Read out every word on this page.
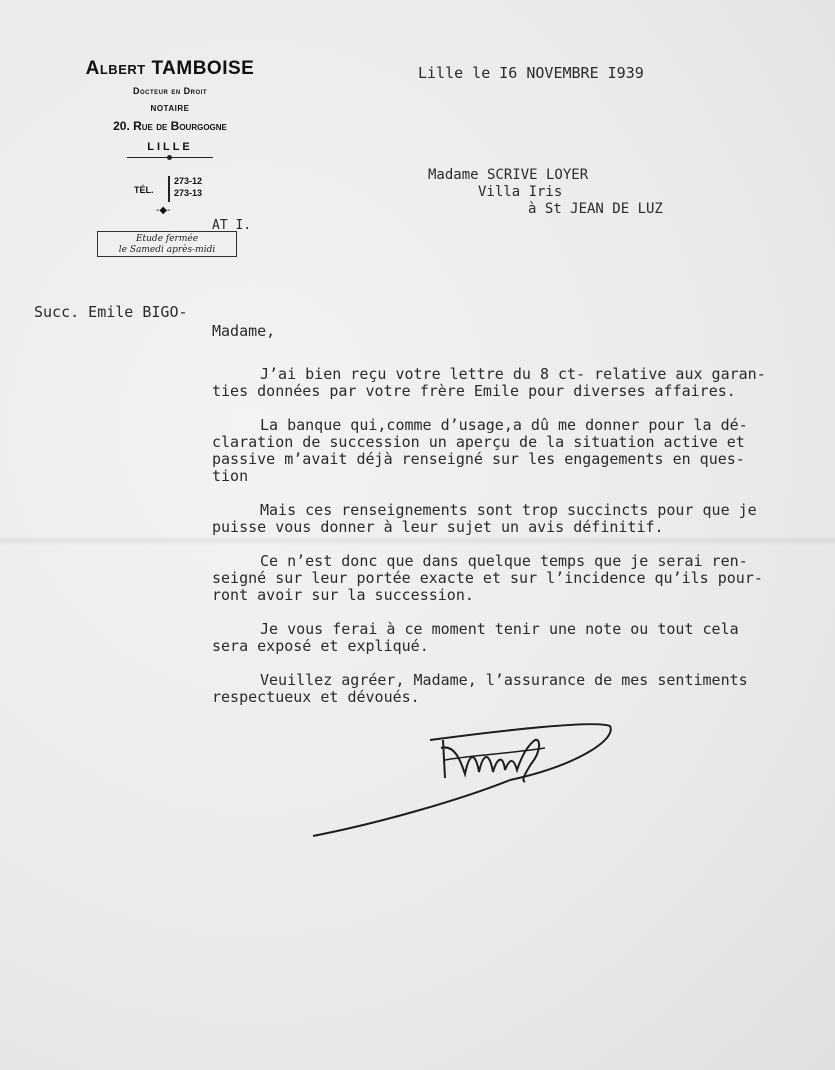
Albert TAMBOISE
Docteur en Droit
NOTAIRE
20. Rue de Bourgogne
LILLE
TÉL.
273-12
273-13
-◆-
Etude fermée
le Samedi après-midi
AT I.
Lille le I6 NOVEMBRE I939
Madame SCRIVE LOYER
Villa Iris
à St JEAN DE LUZ
Succ. Emile BIGO-
Madame,

J’ai bien reçu votre lettre du 8 ct- relative aux garan-
ties données par votre frère Emile pour diverses affaires.

La banque qui,comme d’usage,a dû me donner pour la dé-
claration de succession un aperçu de la situation active et
passive m’avait déjà renseigné sur les engagements en ques-
tion

Mais ces renseignements sont trop succincts pour que je
puisse vous donner à leur sujet un avis définitif.

Ce n’est donc que dans quelque temps que je serai ren-
seigné sur leur portée exacte et sur l’incidence qu’ils pour-
ront avoir sur la succession.

Je vous ferai à ce moment tenir une note ou tout cela
sera exposé et expliqué.

Veuillez agréer, Madame, l’assurance de mes sentiments
respectueux et dévoués.
